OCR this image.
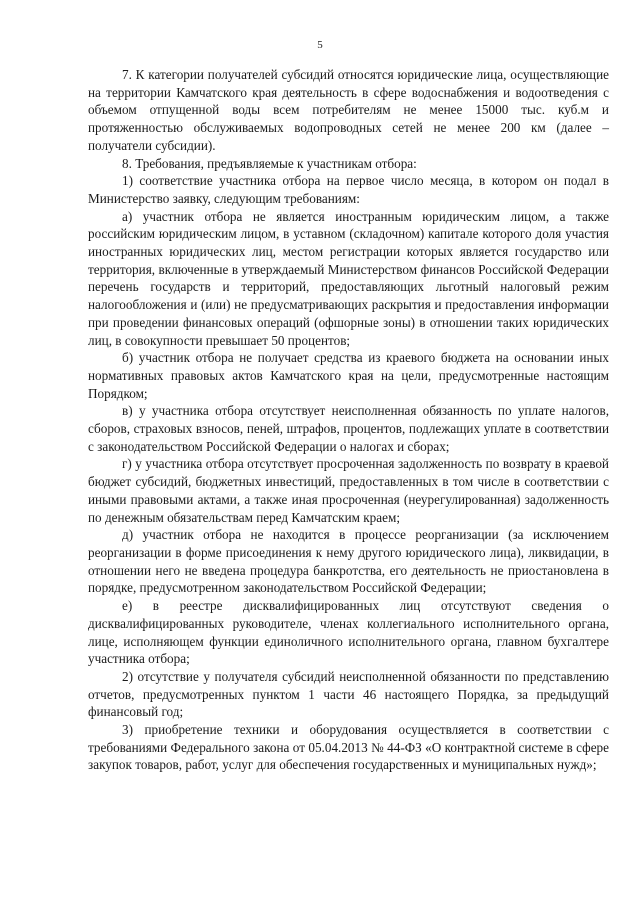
5

7. К категории получателей субсидий относятся юридические лица, осуществляющие на территории Камчатского края деятельность в сфере водоснабжения и водоотведения с объемом отпущенной воды всем потребителям не менее 15000 тыс. куб.м и протяженностью обслуживаемых водопроводных сетей не менее 200 км (далее – получатели субсидии).

8. Требования, предъявляемые к участникам отбора:

1) соответствие участника отбора на первое число месяца, в котором он подал в Министерство заявку, следующим требованиям:

а) участник отбора не является иностранным юридическим лицом, а также российским юридическим лицом, в уставном (складочном) капитале которого доля участия иностранных юридических лиц, местом регистрации которых является государство или территория, включенные в утверждаемый Министерством финансов Российской Федерации перечень государств и территорий, предоставляющих льготный налоговый режим налогообложения и (или) не предусматривающих раскрытия и предоставления информации при проведении финансовых операций (офшорные зоны) в отношении таких юридических лиц, в совокупности превышает 50 процентов;

б) участник отбора не получает средства из краевого бюджета на основании иных нормативных правовых актов Камчатского края на цели, предусмотренные настоящим Порядком;

в) у участника отбора отсутствует неисполненная обязанность по уплате налогов, сборов, страховых взносов, пеней, штрафов, процентов, подлежащих уплате в соответствии с законодательством Российской Федерации о налогах и сборах;

г) у участника отбора отсутствует просроченная задолженность по возврату в краевой бюджет субсидий, бюджетных инвестиций, предоставленных в том числе в соответствии с иными правовыми актами, а также иная просроченная (неурегулированная) задолженность по денежным обязательствам перед Камчатским краем;

д) участник отбора не находится в процессе реорганизации (за исключением реорганизации в форме присоединения к нему другого юридического лица), ликвидации, в отношении него не введена процедура банкротства, его деятельность не приостановлена в порядке, предусмотренном законодательством Российской Федерации;

е) в реестре дисквалифицированных лиц отсутствуют сведения о дисквалифицированных руководителе, членах коллегиального исполнительного органа, лице, исполняющем функции единоличного исполнительного органа, главном бухгалтере участника отбора;

2) отсутствие у получателя субсидий неисполненной обязанности по представлению отчетов, предусмотренных пунктом 1 части 46 настоящего Порядка, за предыдущий финансовый год;

3) приобретение техники и оборудования осуществляется в соответствии с требованиями Федерального закона от 05.04.2013 № 44-ФЗ «О контрактной системе в сфере закупок товаров, работ, услуг для обеспечения государственных и муниципальных нужд»;
